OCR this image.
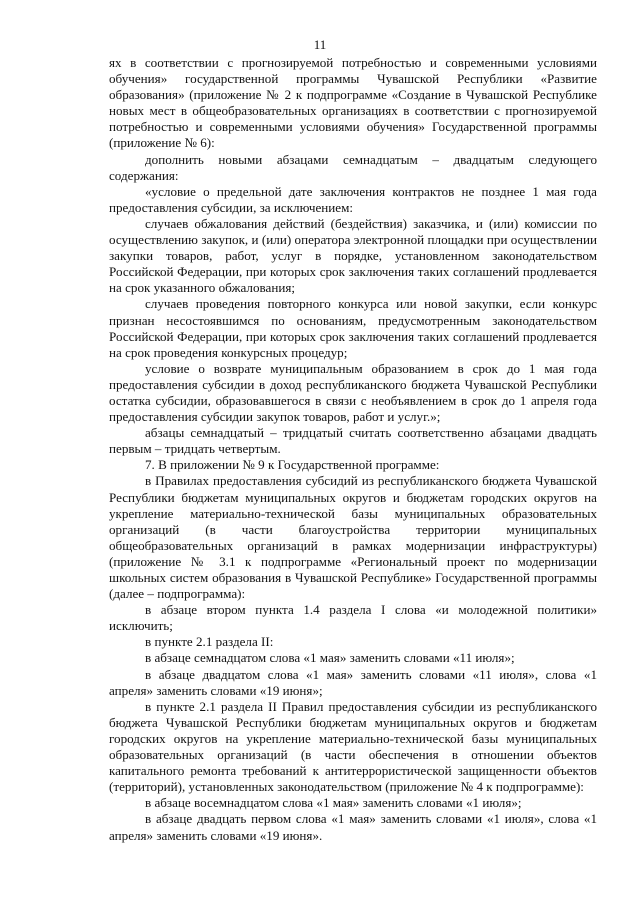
11

ях в соответствии с прогнозируемой потребностью и современными условиями обучения» государственной программы Чувашской Республики «Развитие образования» (приложение № 2 к подпрограмме «Создание в Чувашской Республике новых мест в общеобразовательных организациях в соответствии с прогнозируемой потребностью и современными условиями обучения» Государственной программы (приложение № 6):

дополнить новыми абзацами семнадцатым – двадцатым следующего содержания:

«условие о предельной дате заключения контрактов не позднее 1 мая года предоставления субсидии, за исключением:

случаев обжалования действий (бездействия) заказчика, и (или) комиссии по осуществлению закупок, и (или) оператора электронной площадки при осуществлении закупки товаров, работ, услуг в порядке, установленном законодательством Российской Федерации, при которых срок заключения таких соглашений продлевается на срок указанного обжалования;

случаев проведения повторного конкурса или новой закупки, если конкурс признан несостоявшимся по основаниям, предусмотренным законодательством Российской Федерации, при которых срок заключения таких соглашений продлевается на срок проведения конкурсных процедур;

условие о возврате муниципальным образованием в срок до 1 мая года предоставления субсидии в доход республиканского бюджета Чувашской Республики остатка субсидии, образовавшегося в связи с необъявлением в срок до 1 апреля года предоставления субсидии закупок товаров, работ и услуг.»;

абзацы семнадцатый – тридцатый считать соответственно абзацами двадцать первым – тридцать четвертым.

7. В приложении № 9 к Государственной программе:

в Правилах предоставления субсидий из республиканского бюджета Чувашской Республики бюджетам муниципальных округов и бюджетам городских округов на укрепление материально-технической базы муниципальных образовательных организаций (в части благоустройства территории муниципальных общеобразовательных организаций в рамках модернизации инфраструктуры) (приложение № 3.1 к подпрограмме «Региональный проект по модернизации школьных систем образования в Чувашской Республике» Государственной программы (далее – подпрограмма):

в абзаце втором пункта 1.4 раздела I слова «и молодежной политики» исключить;

в пункте 2.1 раздела II:

в абзаце семнадцатом слова «1 мая» заменить словами «11 июля»;

в абзаце двадцатом слова «1 мая» заменить словами «11 июля», слова «1 апреля» заменить словами «19 июня»;

в пункте 2.1 раздела II Правил предоставления субсидии из республиканского бюджета Чувашской Республики бюджетам муниципальных округов и бюджетам городских округов на укрепление материально-технической базы муниципальных образовательных организаций (в части обеспечения в отношении объектов капитального ремонта требований к антитеррористической защищенности объектов (территорий), установленных законодательством (приложение № 4 к подпрограмме):

в абзаце восемнадцатом слова «1 мая» заменить словами «1 июля»;

в абзаце двадцать первом слова «1 мая» заменить словами «1 июля», слова «1 апреля» заменить словами «19 июня».
